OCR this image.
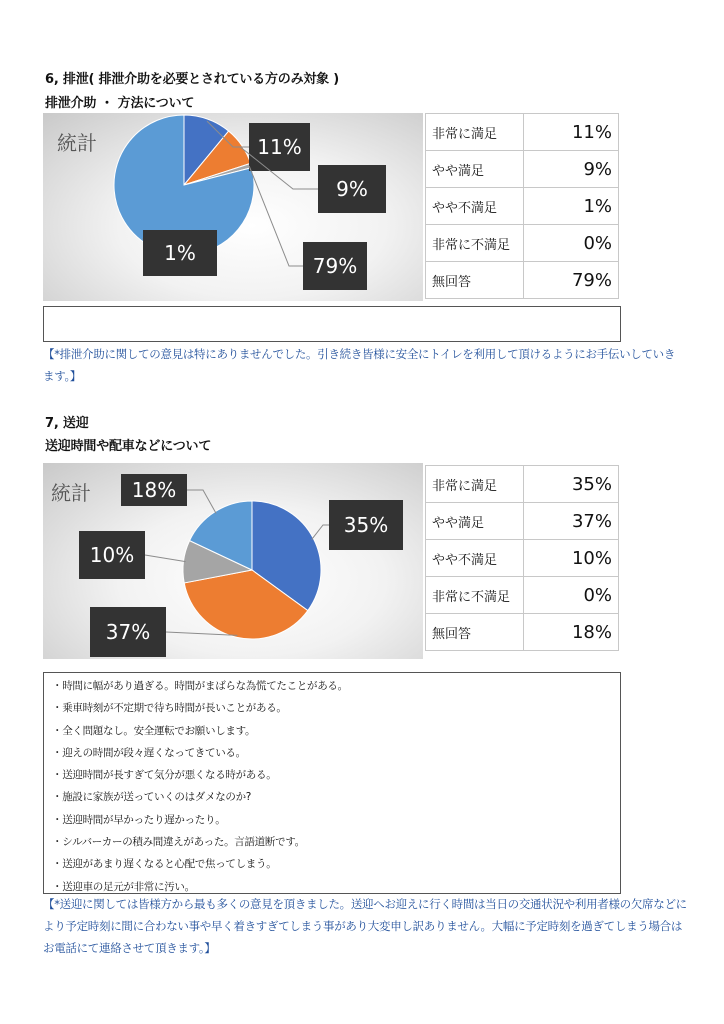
6, 排泄( 排泄介助を必要とされている方のみ対象 )
排泄介助 ・ 方法について
統計	11%
9%
1%
79%
非常に満足	11%
やや満足	9%
やや不満足	1%
非常に不満足	0%
無回答	79%
【*排泄介助に関しての意見は特にありませんでした。引き続き皆様に安全にトイレを利用して頂けるようにお手伝いしていきます。】
7, 送迎
送迎時間や配車などについて
統計
35%
37%
10%
18%	非常に満足	35%
やや満足	37%
やや不満足	10%
非常に不満足	0%
無回答	18%
・時間に幅があり過ぎる。時間がまばらな為慌てたことがある。
・乗車時刻が不定期で待ち時間が長いことがある。
・全く問題なし。安全運転でお願いします。
・迎えの時間が段々遅くなってきている。
・送迎時間が長すぎて気分が悪くなる時がある。
・施設に家族が送っていくのはダメなのか?
・送迎時間が早かったり遅かったり。
・シルバーカーの積み間違えがあった。言語道断です。
・送迎があまり遅くなると心配で焦ってしまう。
・送迎車の足元が非常に汚い。
【*送迎に関しては皆様方から最も多くの意見を頂きました。送迎へお迎えに行く時間は当日の交通状況や利用者様の欠席などにより予定時刻に間に合わない事や早く着きすぎてしまう事があり大変申し訳ありません。大幅に予定時刻を過ぎてしまう場合はお電話にて連絡させて頂きます。】
